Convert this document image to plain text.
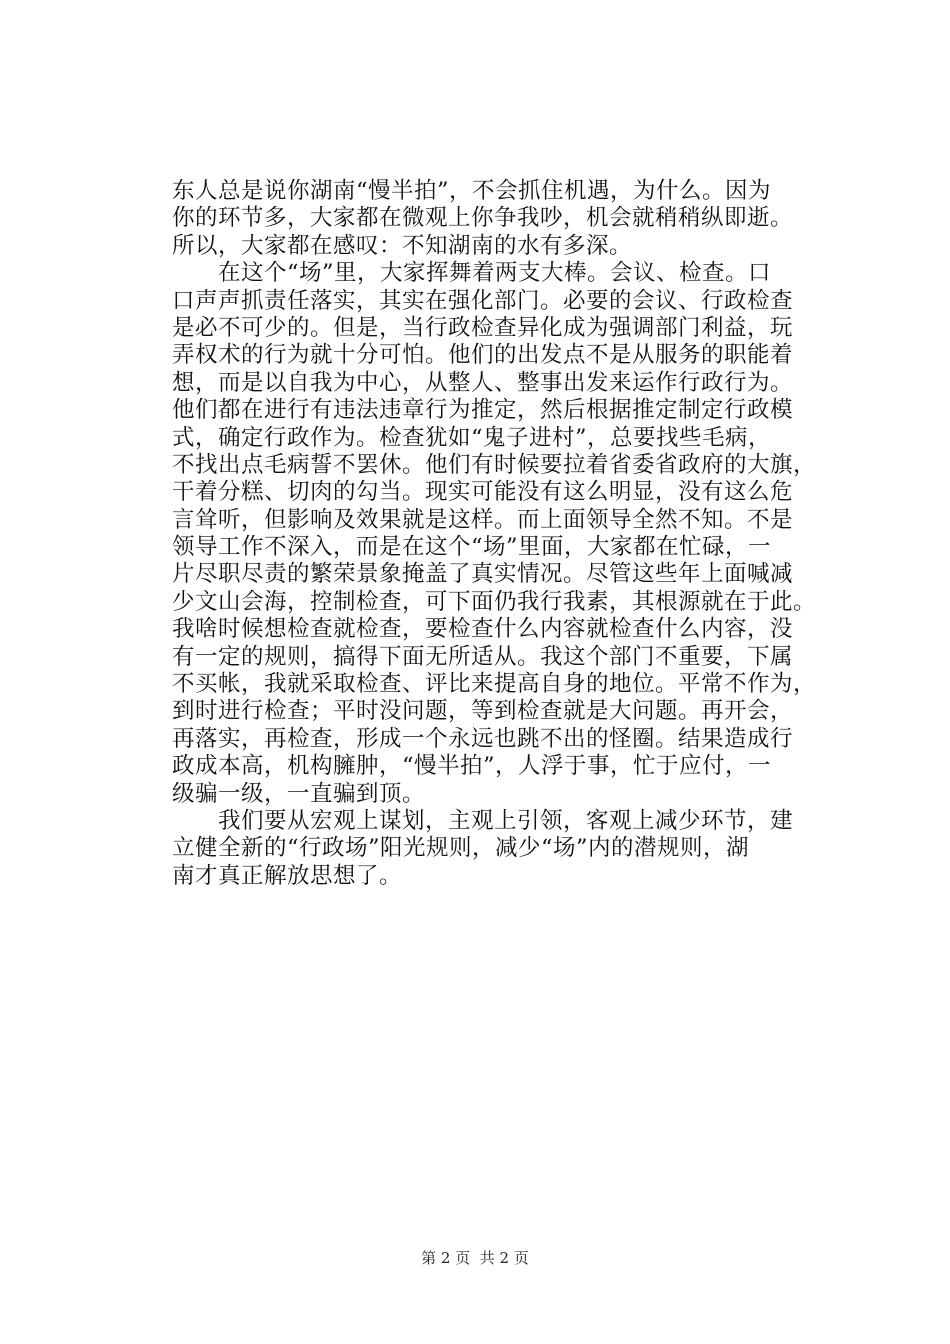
东人总是说你湖南“慢半拍”，不会抓住机遇，为什么。因为
你的环节多，大家都在微观上你争我吵，机会就稍稍纵即逝。
所以，大家都在感叹：不知湖南的水有多深。
　　在这个“场”里，大家挥舞着两支大棒。会议、检查。口
口声声抓责任落实，其实在强化部门。必要的会议、行政检查
是必不可少的。但是，当行政检查异化成为强调部门利益，玩
弄权术的行为就十分可怕。他们的出发点不是从服务的职能着
想，而是以自我为中心，从整人、整事出发来运作行政行为。
他们都在进行有违法违章行为推定，然后根据推定制定行政模
式，确定行政作为。检查犹如“鬼子进村”，总要找些毛病，
不找出点毛病誓不罢休。他们有时候要拉着省委省政府的大旗，
干着分糕、切肉的勾当。现实可能没有这么明显，没有这么危
言耸听，但影响及效果就是这样。而上面领导全然不知。不是
领导工作不深入，而是在这个“场”里面，大家都在忙碌，一
片尽职尽责的繁荣景象掩盖了真实情况。尽管这些年上面喊减
少文山会海，控制检查，可下面仍我行我素，其根源就在于此。
我啥时候想检查就检查，要检查什么内容就检查什么内容，没
有一定的规则，搞得下面无所适从。我这个部门不重要，下属
不买帐，我就采取检查、评比来提高自身的地位。平常不作为，
到时进行检查；平时没问题，等到检查就是大问题。再开会，
再落实，再检查，形成一个永远也跳不出的怪圈。结果造成行
政成本高，机构臃肿，“慢半拍”，人浮于事，忙于应付，一
级骗一级，一直骗到顶。
　　我们要从宏观上谋划，主观上引领，客观上减少环节，建
立健全新的“行政场”阳光规则，减少“场”内的潜规则，湖
南才真正解放思想了。
第 2 页  共 2 页
